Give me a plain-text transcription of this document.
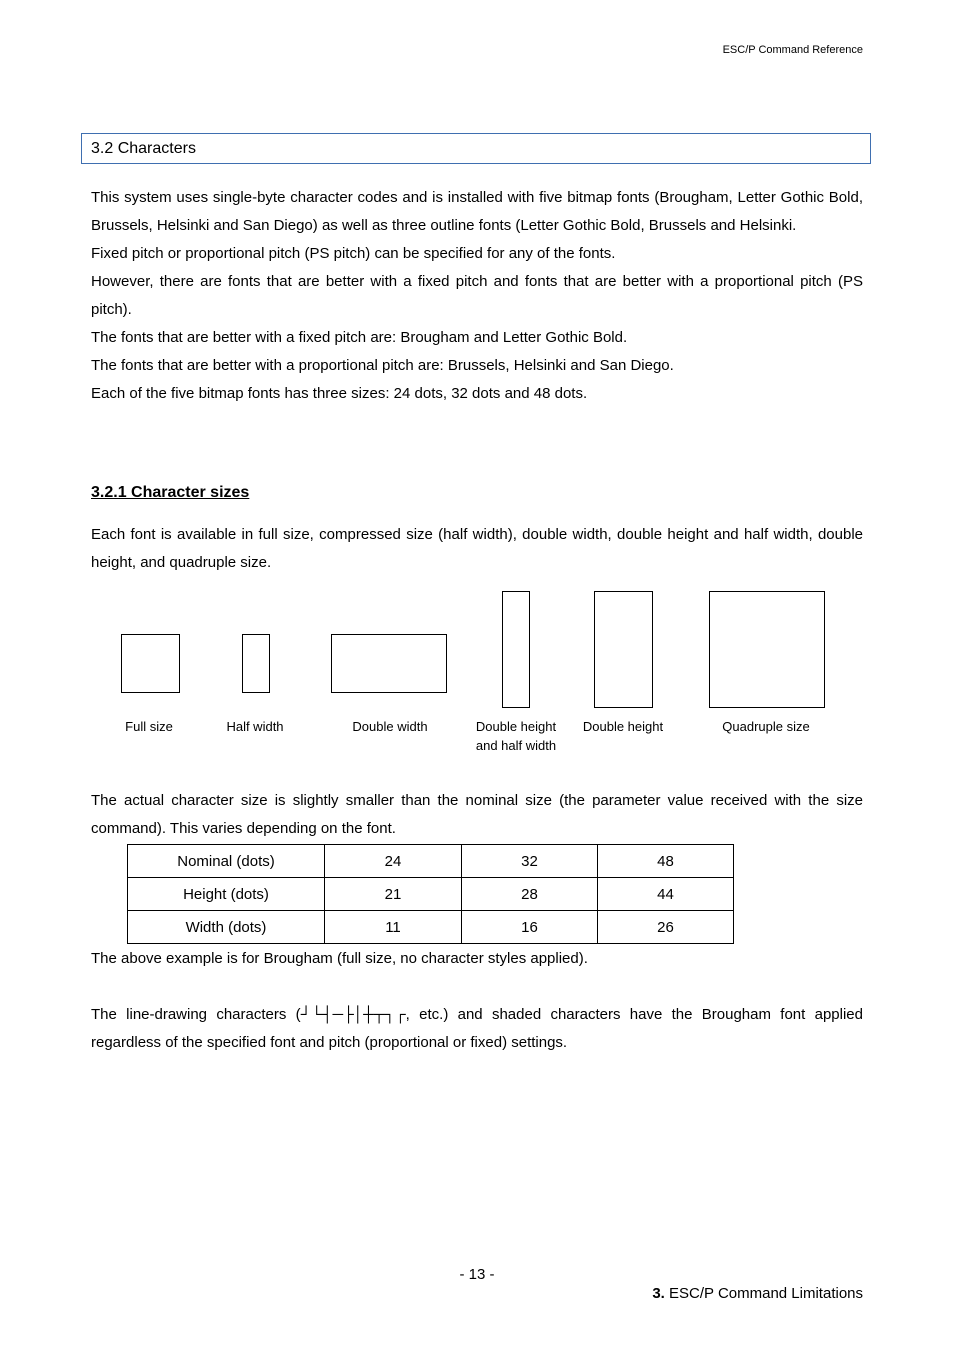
ESC/P Command Reference
3.2 Characters

This system uses single-byte character codes and is installed with five bitmap fonts (Brougham, Letter Gothic Bold, Brussels, Helsinki and San Diego) as well as three outline fonts (Letter Gothic Bold, Brussels and Helsinki.

Fixed pitch or proportional pitch (PS pitch) can be specified for any of the fonts.

However, there are fonts that are better with a fixed pitch and fonts that are better with a proportional pitch (PS pitch).

The fonts that are better with a fixed pitch are: Brougham and Letter Gothic Bold.

The fonts that are better with a proportional pitch are: Brussels, Helsinki and San Diego.

Each of the five bitmap fonts has three sizes: 24 dots, 32 dots and 48 dots.

3.2.1 Character sizes

Each font is available in full size, compressed size (half width), double width, double height and half width, double height, and quadruple size.

Full size	Half width	Double width	Double height
and half width
Double height	Quadruple size

The actual character size is slightly smaller than the nominal size (the parameter value received with the size command). This varies depending on the font.

Nominal (dots)	24	32	48
Height (dots)	21	28	44
Width (dots)	11	16	26

The above example is for Brougham (full size, no character styles applied).

The line-drawing characters (┘└┤─├│┼┬┐┌, etc.) and shaded characters have the Brougham font applied regardless of the specified font and pitch (proportional or fixed) settings.

- 13 -
3. ESC/P Command Limitations
